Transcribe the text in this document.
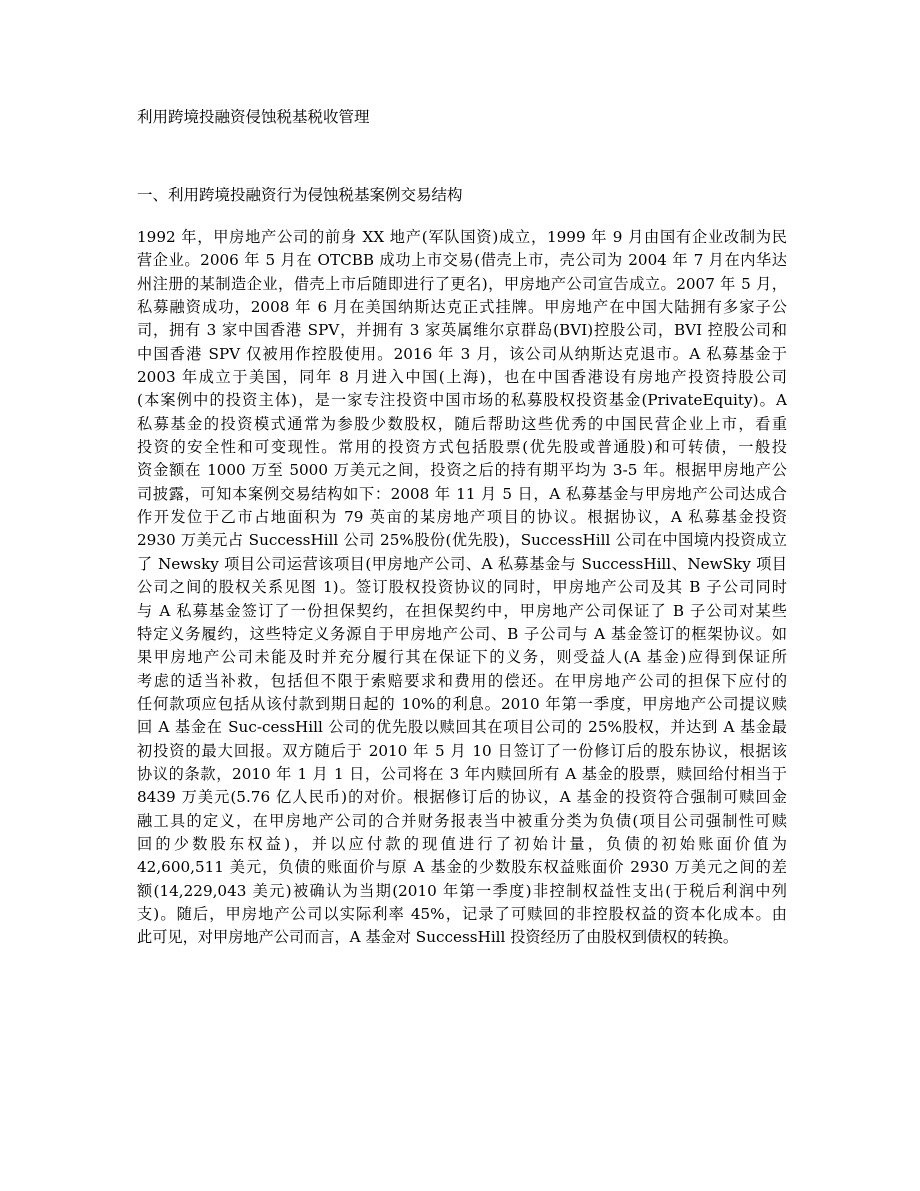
利用跨境投融资侵蚀税基税收管理
一、利用跨境投融资行为侵蚀税基案例交易结构
1992 年，甲房地产公司的前身 XX 地产(军队国资)成立，1999 年 9 月由国有企业改制为民
营企业。2006 年 5 月在 OTCBB 成功上市交易(借壳上市，壳公司为 2004 年 7 月在内华达
州注册的某制造企业，借壳上市后随即进行了更名)，甲房地产公司宣告成立。2007 年 5 月，
私募融资成功，2008 年 6 月在美国纳斯达克正式挂牌。甲房地产在中国大陆拥有多家子公
司，拥有 3 家中国香港 SPV，并拥有 3 家英属维尔京群岛(BVI)控股公司，BVI 控股公司和
中国香港 SPV 仅被用作控股使用。2016 年 3 月，该公司从纳斯达克退市。A 私募基金于
2003 年成立于美国，同年 8 月进入中国(上海)，也在中国香港设有房地产投资持股公司
(本案例中的投资主体)，是一家专注投资中国市场的私募股权投资基金(PrivateEquity)。A
私募基金的投资模式通常为参股少数股权，随后帮助这些优秀的中国民营企业上市，看重
投资的安全性和可变现性。常用的投资方式包括股票(优先股或普通股)和可转债，一般投
资金额在 1000 万至 5000 万美元之间，投资之后的持有期平均为 3-5 年。根据甲房地产公
司披露，可知本案例交易结构如下：2008 年 11 月 5 日，A 私募基金与甲房地产公司达成合
作开发位于乙市占地面积为 79 英亩的某房地产项目的协议。根据协议，A 私募基金投资
2930 万美元占 SuccessHill 公司 25%股份(优先股)，SuccessHill 公司在中国境内投资成立
了 Newsky 项目公司运营该项目(甲房地产公司、A 私募基金与 SuccessHill、NewSky 项目
公司之间的股权关系见图 1)。签订股权投资协议的同时，甲房地产公司及其 B 子公司同时
与 A 私募基金签订了一份担保契约，在担保契约中，甲房地产公司保证了 B 子公司对某些
特定义务履约，这些特定义务源自于甲房地产公司、B 子公司与 A 基金签订的框架协议。如
果甲房地产公司未能及时并充分履行其在保证下的义务，则受益人(A 基金)应得到保证所
考虑的适当补救，包括但不限于索赔要求和费用的偿还。在甲房地产公司的担保下应付的
任何款项应包括从该付款到期日起的 10%的利息。2010 年第一季度，甲房地产公司提议赎
回 A 基金在 Suc-cessHill 公司的优先股以赎回其在项目公司的 25%股权，并达到 A 基金最
初投资的最大回报。双方随后于 2010 年 5 月 10 日签订了一份修订后的股东协议，根据该
协议的条款，2010 年 1 月 1 日，公司将在 3 年内赎回所有 A 基金的股票，赎回给付相当于
8439 万美元(5.76 亿人民币)的对价。根据修订后的协议，A 基金的投资符合强制可赎回金
融工具的定义，在甲房地产公司的合并财务报表当中被重分类为负债(项目公司强制性可赎
回的少数股东权益)，并以应付款的现值进行了初始计量，负债的初始账面价值为
42,600,511 美元，负债的账面价与原 A 基金的少数股东权益账面价 2930 万美元之间的差
额(14,229,043 美元)被确认为当期(2010 年第一季度)非控制权益性支出(于税后利润中列
支)。随后，甲房地产公司以实际利率 45%，记录了可赎回的非控股权益的资本化成本。由
此可见，对甲房地产公司而言，A 基金对 SuccessHill 投资经历了由股权到债权的转换。
